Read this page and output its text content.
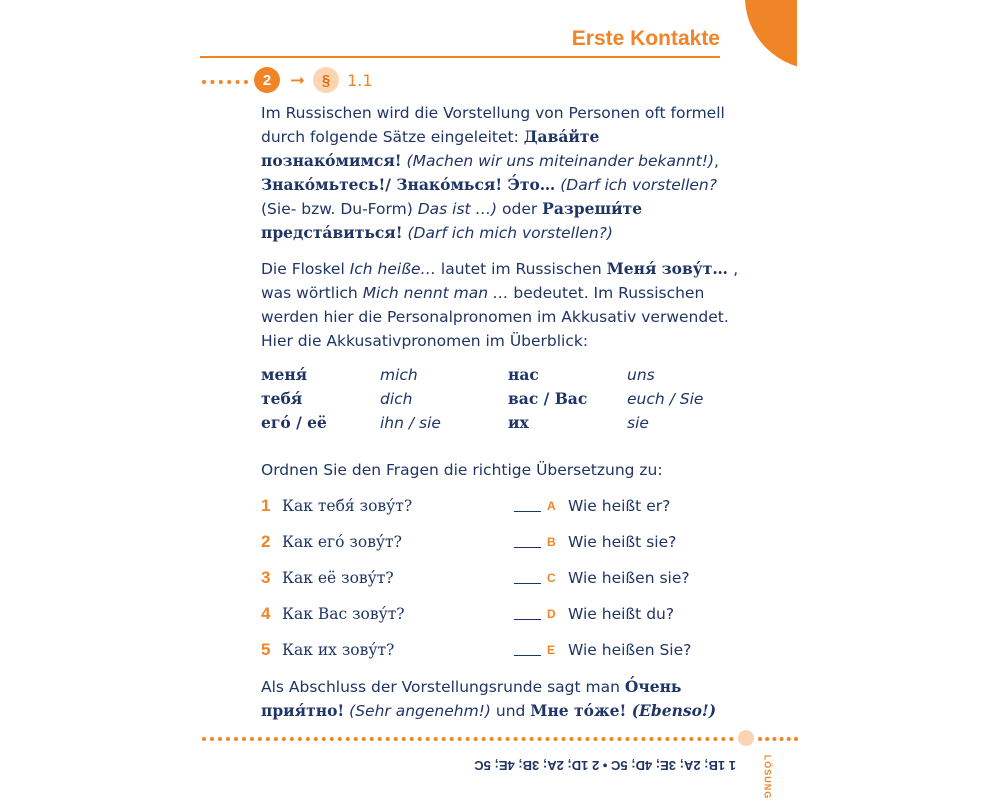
Erste Kontakte
2	➞	§	1.1
Im Russischen wird die Vorstellung von Personen oft formell durch folgende Sätze eingeleitet: Дава́йте познако́мимся! (Machen wir uns miteinander bekannt!), Знако́мьтесь!/ Знако́мься! Э́то… (Darf ich vorstellen? (Sie- bzw. Du-Form) Das ist …) oder Разреши́те предста́виться! (Darf ich mich vorstellen?)
Die Floskel Ich heiße… lautet im Russischen Меня́ зову́т… , was wörtlich Mich nennt man … bedeutet. Im Russischen werden hier die Personalpronomen im Akkusativ verwendet. Hier die Akkusativpronomen im Überblick:
меня́	mich	нас	uns
тебя́	dich	вас / Вас	euch / Sie
его́ / её	ihn / sie	их	sie
Ordnen Sie den Fragen die richtige Übersetzung zu:
1 Как тебя́ зову́т?	A Wie heißt er?
2 Как его́ зову́т?	B Wie heißt sie?
3 Как её зову́т?	C Wie heißen sie?
4 Как Вас зову́т?	D Wie heißt du?
5 Как их зову́т?	E Wie heißen Sie?
Als Abschluss der Vorstellungsrunde sagt man О́чень прия́тно! (Sehr angenehm!) und Мне то́же! (Ebenso!)
LÖSUNG
1 1B; 2A; 3E; 4D; 5C • 2 1D; 2A; 3B; 4E; 5C
